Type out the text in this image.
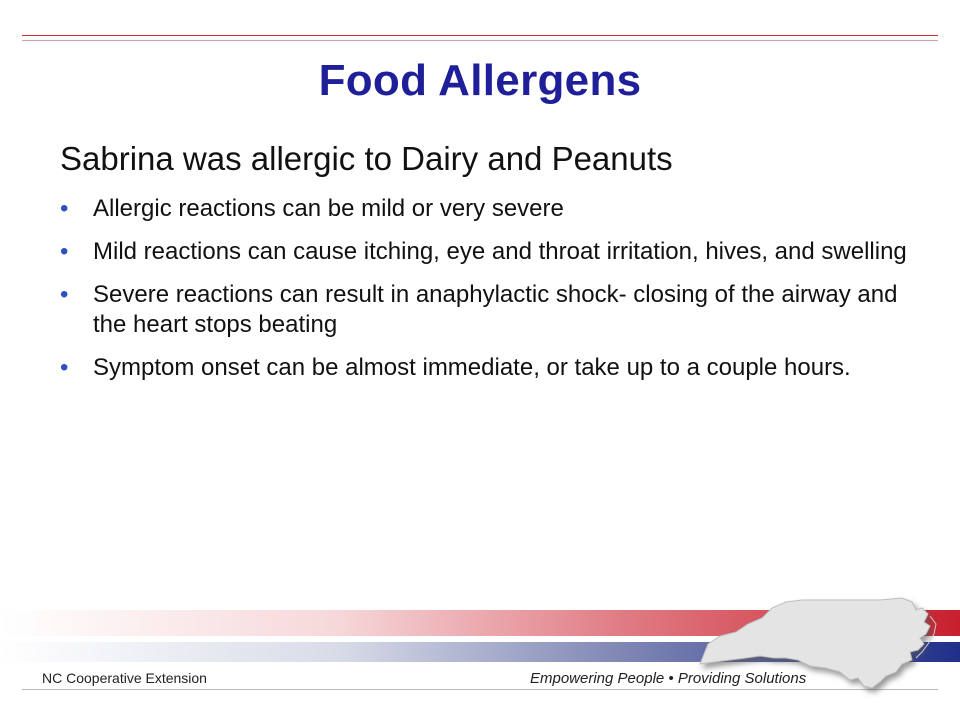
Food Allergens
Sabrina was allergic to Dairy and Peanuts
• Allergic reactions can be mild or very severe
• Mild reactions can cause itching, eye and throat irritation, hives, and swelling
• Severe reactions can result in anaphylactic shock- closing of the airway and the heart stops beating
• Symptom onset can be almost immediate, or take up to a couple hours.
NC Cooperative Extension	Empowering People • Providing Solutions
